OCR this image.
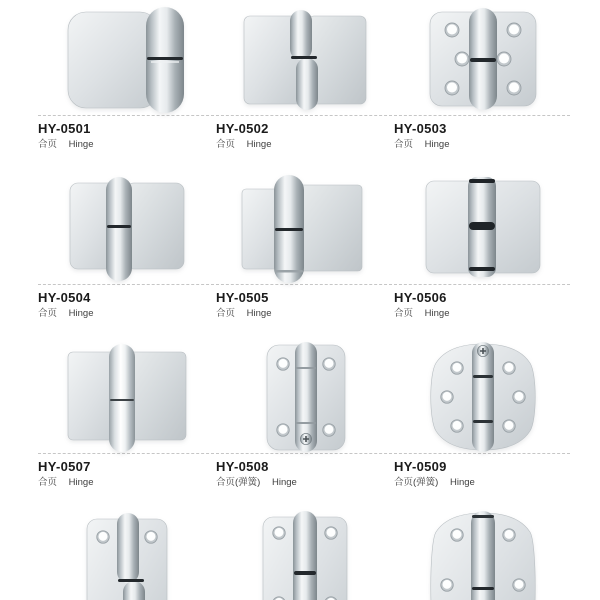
HY-0501
合页 Hinge
HY-0502
合页 Hinge
HY-0503
合页 Hinge
HY-0504
合页 Hinge
HY-0505
合页 Hinge
HY-0506
合页 Hinge
HY-0507
合页 Hinge
HY-0508
合页(弹簧) Hinge
HY-0509
合页(弹簧) Hinge
